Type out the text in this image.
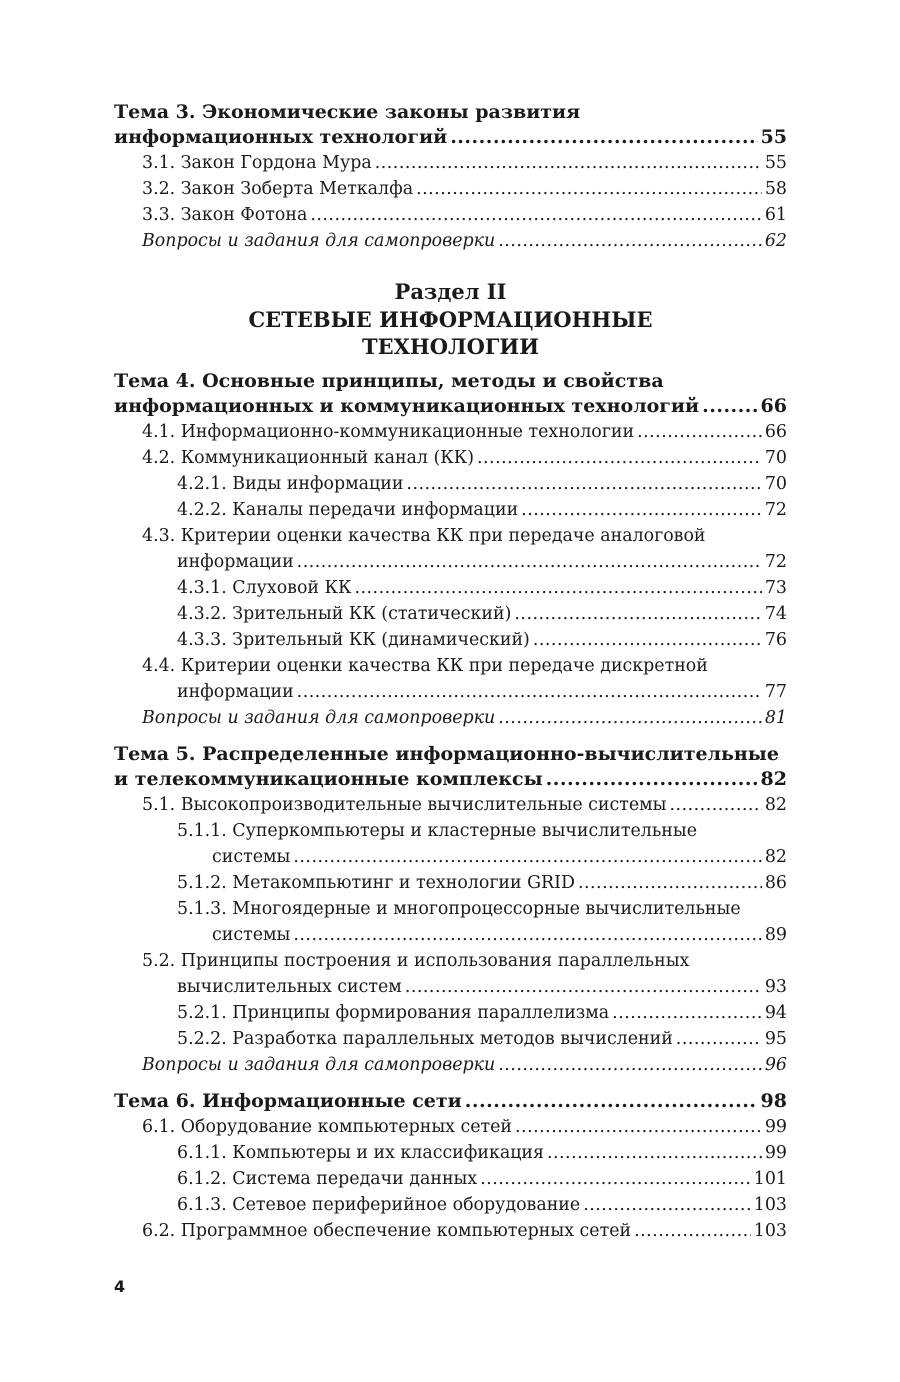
Тема 3. Экономические законы развития
информационных технологий .....	55
3.1. Закон Гордона Мура .....	55
3.2. Закон Зоберта Меткалфа .....	58
3.3. Закон Фотона .....	61
Вопросы и задания для самопроверки .....	62
Раздел II
СЕТЕВЫЕ ИНФОРМАЦИОННЫЕ
ТЕХНОЛОГИИ
Тема 4. Основные принципы, методы и свойства
информационных и коммуникационных технологий .....	66
4.1. Информационно-коммуникационные технологии .....	66
4.2. Коммуникационный канал (КК) .....	70
4.2.1. Виды информации .....	70
4.2.2. Каналы передачи информации .....	72
4.3. Критерии оценки качества КК при передаче аналоговой
информации .....	72
4.3.1. Слуховой КК .....	73
4.3.2. Зрительный КК (статический) .....	74
4.3.3. Зрительный КК (динамический) .....	76
4.4. Критерии оценки качества КК при передаче дискретной
информации .....	77
Вопросы и задания для самопроверки .....	81
Тема 5. Распределенные информационно-вычислительные
и телекоммуникационные комплексы .....	82
5.1. Высокопроизводительные вычислительные системы .....	82
5.1.1. Суперкомпьютеры и кластерные вычислительные
системы .....	82
5.1.2. Метакомпьютинг и технологии GRID .....	86
5.1.3. Многоядерные и многопроцессорные вычислительные
системы .....	89
5.2. Принципы построения и использования параллельных
вычислительных систем .....	93
5.2.1. Принципы формирования параллелизма .....	94
5.2.2. Разработка параллельных методов вычислений .....	95
Вопросы и задания для самопроверки .....	96
Тема 6. Информационные сети .....	98
6.1. Оборудование компьютерных сетей .....	99
6.1.1. Компьютеры и их классификация .....	99
6.1.2. Система передачи данных .....	101
6.1.3. Сетевое периферийное оборудование .....	103
6.2. Программное обеспечение компьютерных сетей .....	103
4
